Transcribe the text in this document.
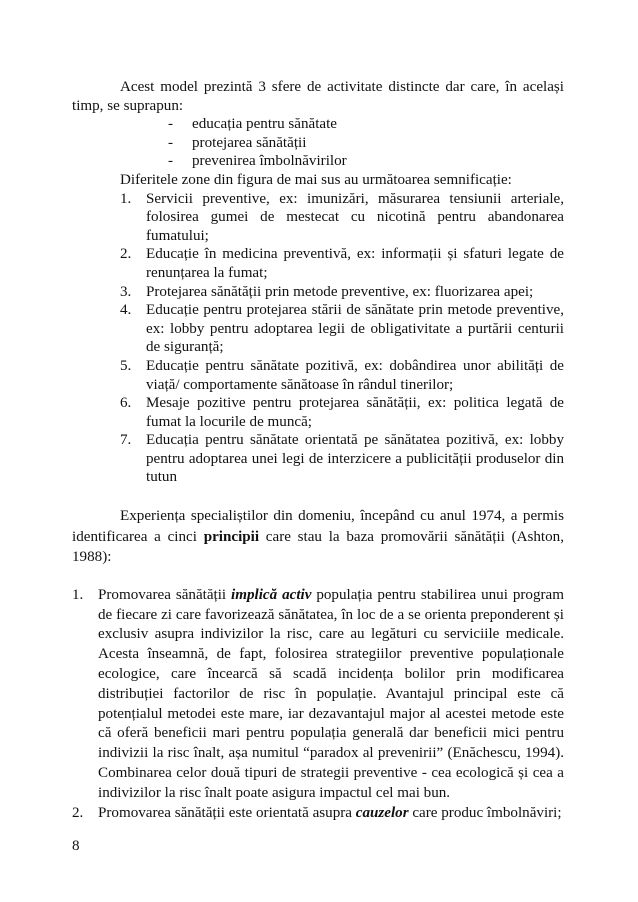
Acest model prezintă 3 sfere de activitate distincte dar care, în același timp, se suprapun:

- educația pentru sănătate
- protejarea sănătății
- prevenirea îmbolnăvirilor

Diferitele zone din figura de mai sus au următoarea semnificație:

1. Servicii preventive, ex: imunizări, măsurarea tensiunii arteriale, folosirea gumei de mestecat cu nicotină pentru abandonarea fumatului;
2. Educație în medicina preventivă, ex: informații și sfaturi legate de renunțarea la fumat;
3. Protejarea sănătății prin metode preventive, ex: fluorizarea apei;
4. Educație pentru protejarea stării de sănătate prin metode preventive, ex: lobby pentru adoptarea legii de obligativitate a purtării centurii de siguranță;
5. Educație pentru sănătate pozitivă, ex: dobândirea unor abilități de viață/ comportamente sănătoase în rândul tinerilor;
6. Mesaje pozitive pentru protejarea sănătății, ex: politica legată de fumat la locurile de muncă;
7. Educația pentru sănătate orientată pe sănătatea pozitivă, ex: lobby pentru adoptarea unei legi de interzicere a publicității produselor din tutun

Experiența specialiștilor din domeniu, începând cu anul 1974, a permis identificarea a cinci principii care stau la baza promovării sănătății (Ashton, 1988):

1. Promovarea sănătății implică activ populația pentru stabilirea unui program de fiecare zi care favorizează sănătatea, în loc de a se orienta preponderent și exclusiv asupra indivizilor la risc, care au legături cu serviciile medicale. Acesta înseamnă, de fapt, folosirea strategiilor preventive populaționale ecologice, care încearcă să scadă incidența bolilor prin modificarea distribuției factorilor de risc în populație. Avantajul principal este că potențialul metodei este mare, iar dezavantajul major al acestei metode este că oferă beneficii mari pentru populația generală dar beneficii mici pentru indivizii la risc înalt, așa numitul “paradox al prevenirii” (Enăchescu, 1994). Combinarea celor două tipuri de strategii preventive - cea ecologică și cea a indivizilor la risc înalt poate asigura impactul cel mai bun.
2. Promovarea sănătății este orientată asupra cauzelor care produc îmbolnăviri;
8
